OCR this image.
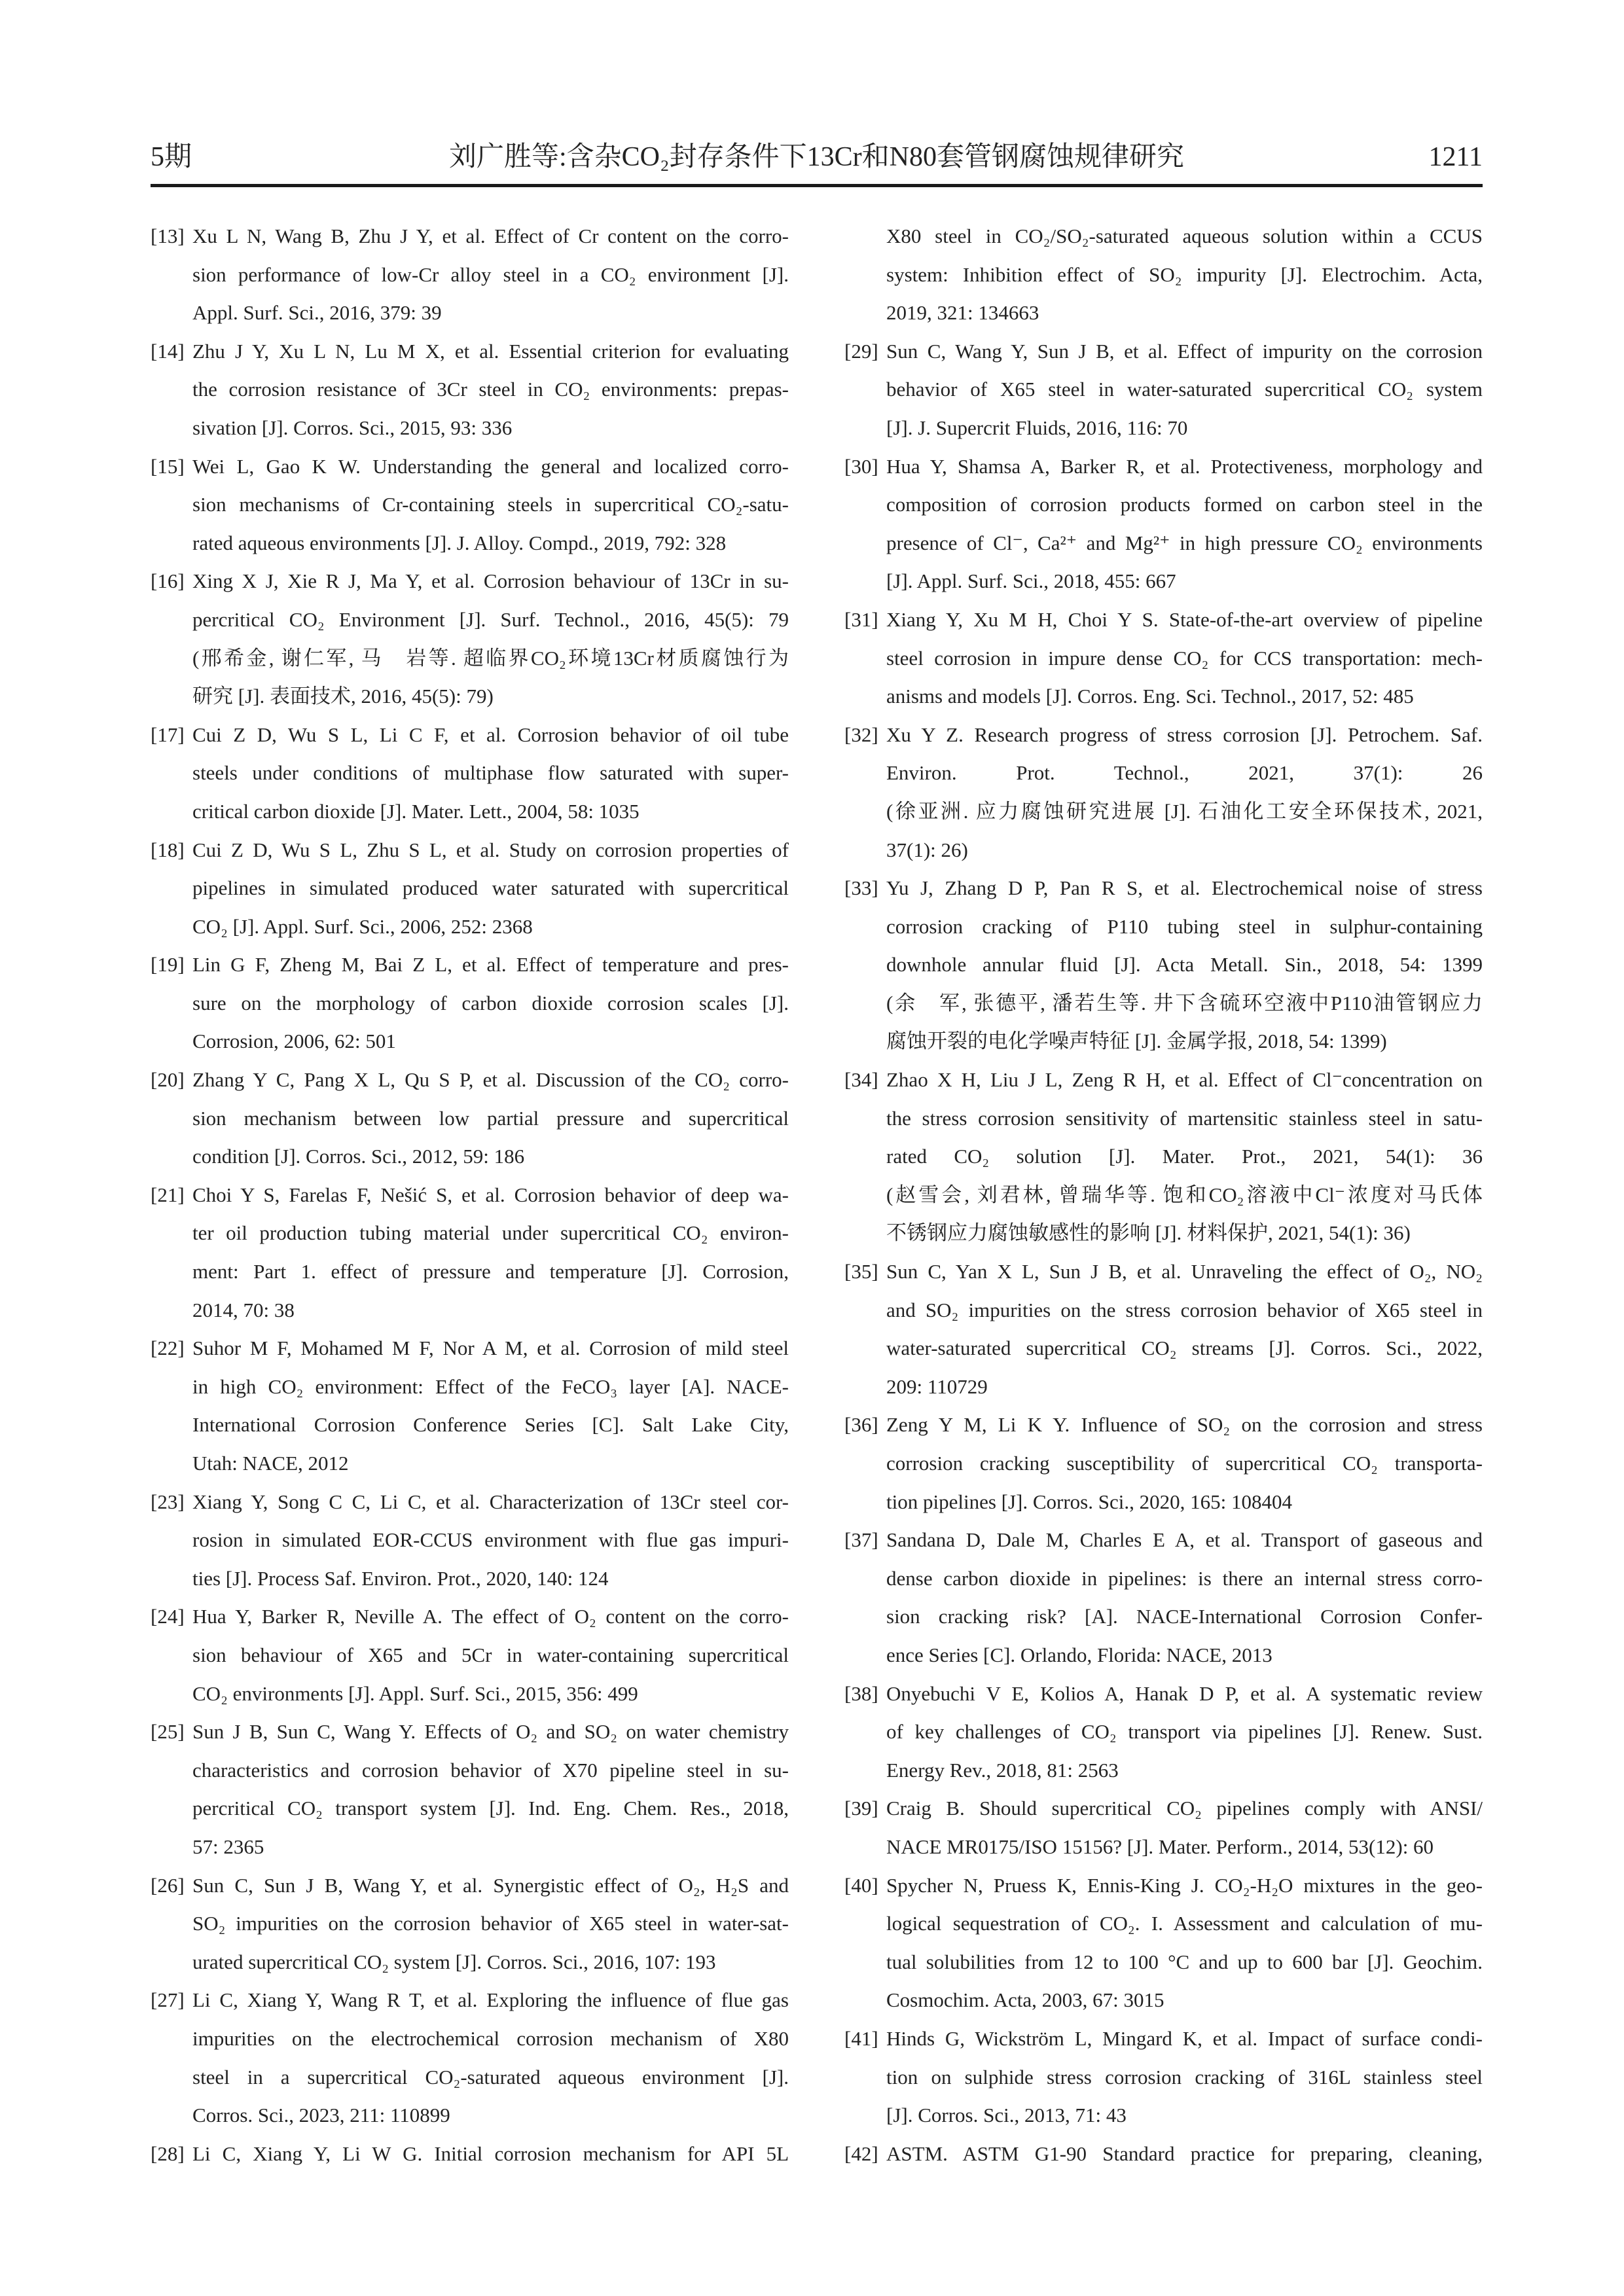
5期	刘广胜等:含杂CO₂封存条件下13Cr和N80套管钢腐蚀规律研究	1211
[13] Xu L N, Wang B, Zhu J Y, et al. Effect of Cr content on the corro-
sion performance of low-Cr alloy steel in a CO₂ environment [J].
Appl. Surf. Sci., 2016, 379: 39
[14] Zhu J Y, Xu L N, Lu M X, et al. Essential criterion for evaluating
the corrosion resistance of 3Cr steel in CO₂ environments: prepas-
sivation [J]. Corros. Sci., 2015, 93: 336
[15] Wei L, Gao K W. Understanding the general and localized corro-
sion mechanisms of Cr-containing steels in supercritical CO₂-satu-
rated aqueous environments [J]. J. Alloy. Compd., 2019, 792: 328
[16] Xing X J, Xie R J, Ma Y, et al. Corrosion behaviour of 13Cr in su-
percritical CO₂ Environment [J]. Surf. Technol., 2016, 45(5): 79
(邢希金, 谢仁军, 马　岩等. 超临界CO₂环境13Cr材质腐蚀行为
研究 [J]. 表面技术, 2016, 45(5): 79)
[17] Cui Z D, Wu S L, Li C F, et al. Corrosion behavior of oil tube
steels under conditions of multiphase flow saturated with super-
critical carbon dioxide [J]. Mater. Lett., 2004, 58: 1035
[18] Cui Z D, Wu S L, Zhu S L, et al. Study on corrosion properties of
pipelines in simulated produced water saturated with supercritical
CO₂ [J]. Appl. Surf. Sci., 2006, 252: 2368
[19] Lin G F, Zheng M, Bai Z L, et al. Effect of temperature and pres-
sure on the morphology of carbon dioxide corrosion scales [J].
Corrosion, 2006, 62: 501
[20] Zhang Y C, Pang X L, Qu S P, et al. Discussion of the CO₂ corro-
sion mechanism between low partial pressure and supercritical
condition [J]. Corros. Sci., 2012, 59: 186
[21] Choi Y S, Farelas F, Nešić S, et al. Corrosion behavior of deep wa-
ter oil production tubing material under supercritical CO₂ environ-
ment: Part 1. effect of pressure and temperature [J]. Corrosion,
2014, 70: 38
[22] Suhor M F, Mohamed M F, Nor A M, et al. Corrosion of mild steel
in high CO₂ environment: Effect of the FeCO₃ layer [A]. NACE-
International Corrosion Conference Series [C]. Salt Lake City,
Utah: NACE, 2012
[23] Xiang Y, Song C C, Li C, et al. Characterization of 13Cr steel cor-
rosion in simulated EOR-CCUS environment with flue gas impuri-
ties [J]. Process Saf. Environ. Prot., 2020, 140: 124
[24] Hua Y, Barker R, Neville A. The effect of O₂ content on the corro-
sion behaviour of X65 and 5Cr in water-containing supercritical
CO₂ environments [J]. Appl. Surf. Sci., 2015, 356: 499
[25] Sun J B, Sun C, Wang Y. Effects of O₂ and SO₂ on water chemistry
characteristics and corrosion behavior of X70 pipeline steel in su-
percritical CO₂ transport system [J]. Ind. Eng. Chem. Res., 2018,
57: 2365
[26] Sun C, Sun J B, Wang Y, et al. Synergistic effect of O₂, H₂S and
SO₂ impurities on the corrosion behavior of X65 steel in water-sat-
urated supercritical CO₂ system [J]. Corros. Sci., 2016, 107: 193
[27] Li C, Xiang Y, Wang R T, et al. Exploring the influence of flue gas
impurities on the electrochemical corrosion mechanism of X80
steel in a supercritical CO₂-saturated aqueous environment [J].
Corros. Sci., 2023, 211: 110899
[28] Li C, Xiang Y, Li W G. Initial corrosion mechanism for API 5L
X80 steel in CO₂/SO₂-saturated aqueous solution within a CCUS
system: Inhibition effect of SO₂ impurity [J]. Electrochim. Acta,
2019, 321: 134663
[29] Sun C, Wang Y, Sun J B, et al. Effect of impurity on the corrosion
behavior of X65 steel in water-saturated supercritical CO₂ system
[J]. J. Supercrit Fluids, 2016, 116: 70
[30] Hua Y, Shamsa A, Barker R, et al. Protectiveness, morphology and
composition of corrosion products formed on carbon steel in the
presence of Cl⁻, Ca²⁺ and Mg²⁺ in high pressure CO₂ environments
[J]. Appl. Surf. Sci., 2018, 455: 667
[31] Xiang Y, Xu M H, Choi Y S. State-of-the-art overview of pipeline
steel corrosion in impure dense CO₂ for CCS transportation: mech-
anisms and models [J]. Corros. Eng. Sci. Technol., 2017, 52: 485
[32] Xu Y Z. Research progress of stress corrosion [J]. Petrochem. Saf.
Environ. Prot. Technol., 2021, 37(1): 26
(徐亚洲. 应力腐蚀研究进展 [J]. 石油化工安全环保技术, 2021,
37(1): 26)
[33] Yu J, Zhang D P, Pan R S, et al. Electrochemical noise of stress
corrosion cracking of P110 tubing steel in sulphur-containing
downhole annular fluid [J]. Acta Metall. Sin., 2018, 54: 1399
(余　军, 张德平, 潘若生等. 井下含硫环空液中P110油管钢应力
腐蚀开裂的电化学噪声特征 [J]. 金属学报, 2018, 54: 1399)
[34] Zhao X H, Liu J L, Zeng R H, et al. Effect of Cl⁻concentration on
the stress corrosion sensitivity of martensitic stainless steel in satu-
rated CO₂ solution [J]. Mater. Prot., 2021, 54(1): 36
(赵雪会, 刘君林, 曾瑞华等. 饱和CO₂溶液中Cl⁻浓度对马氏体
不锈钢应力腐蚀敏感性的影响 [J]. 材料保护, 2021, 54(1): 36)
[35] Sun C, Yan X L, Sun J B, et al. Unraveling the effect of O₂, NO₂
and SO₂ impurities on the stress corrosion behavior of X65 steel in
water-saturated supercritical CO₂ streams [J]. Corros. Sci., 2022,
209: 110729
[36] Zeng Y M, Li K Y. Influence of SO₂ on the corrosion and stress
corrosion cracking susceptibility of supercritical CO₂ transporta-
tion pipelines [J]. Corros. Sci., 2020, 165: 108404
[37] Sandana D, Dale M, Charles E A, et al. Transport of gaseous and
dense carbon dioxide in pipelines: is there an internal stress corro-
sion cracking risk? [A]. NACE-International Corrosion Confer-
ence Series [C]. Orlando, Florida: NACE, 2013
[38] Onyebuchi V E, Kolios A, Hanak D P, et al. A systematic review
of key challenges of CO₂ transport via pipelines [J]. Renew. Sust.
Energy Rev., 2018, 81: 2563
[39] Craig B. Should supercritical CO₂ pipelines comply with ANSI/
NACE MR0175/ISO 15156? [J]. Mater. Perform., 2014, 53(12): 60
[40] Spycher N, Pruess K, Ennis-King J. CO₂-H₂O mixtures in the geo-
logical sequestration of CO₂. I. Assessment and calculation of mu-
tual solubilities from 12 to 100 °C and up to 600 bar [J]. Geochim.
Cosmochim. Acta, 2003, 67: 3015
[41] Hinds G, Wickström L, Mingard K, et al. Impact of surface condi-
tion on sulphide stress corrosion cracking of 316L stainless steel
[J]. Corros. Sci., 2013, 71: 43
[42] ASTM. ASTM G1-90 Standard practice for preparing, cleaning,
